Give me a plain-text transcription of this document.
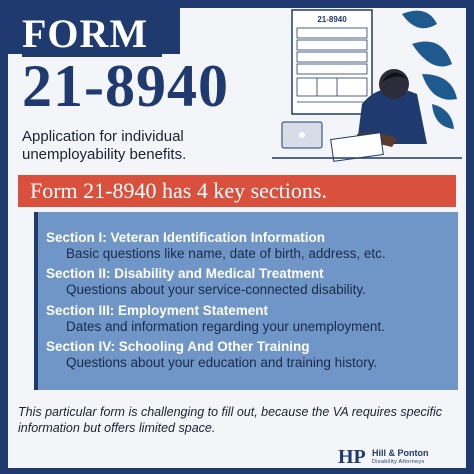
FORM
21-8940
Application for individual unemployability benefits.
21-8940
Form 21-8940 has 4 key sections.
Section I: Veteran Identification Information
Basic questions like name, date of birth, address, etc.
Section II: Disability and Medical Treatment
Questions about your service-connected disability.
Section III: Employment Statement
Dates and information regarding your unemployment.
Section IV: Schooling And Other Training
Questions about your education and training history.
This particular form is challenging to fill out, because the VA requires specific information but offers limited space.
HP Hill & Ponton
Disability Attorneys
